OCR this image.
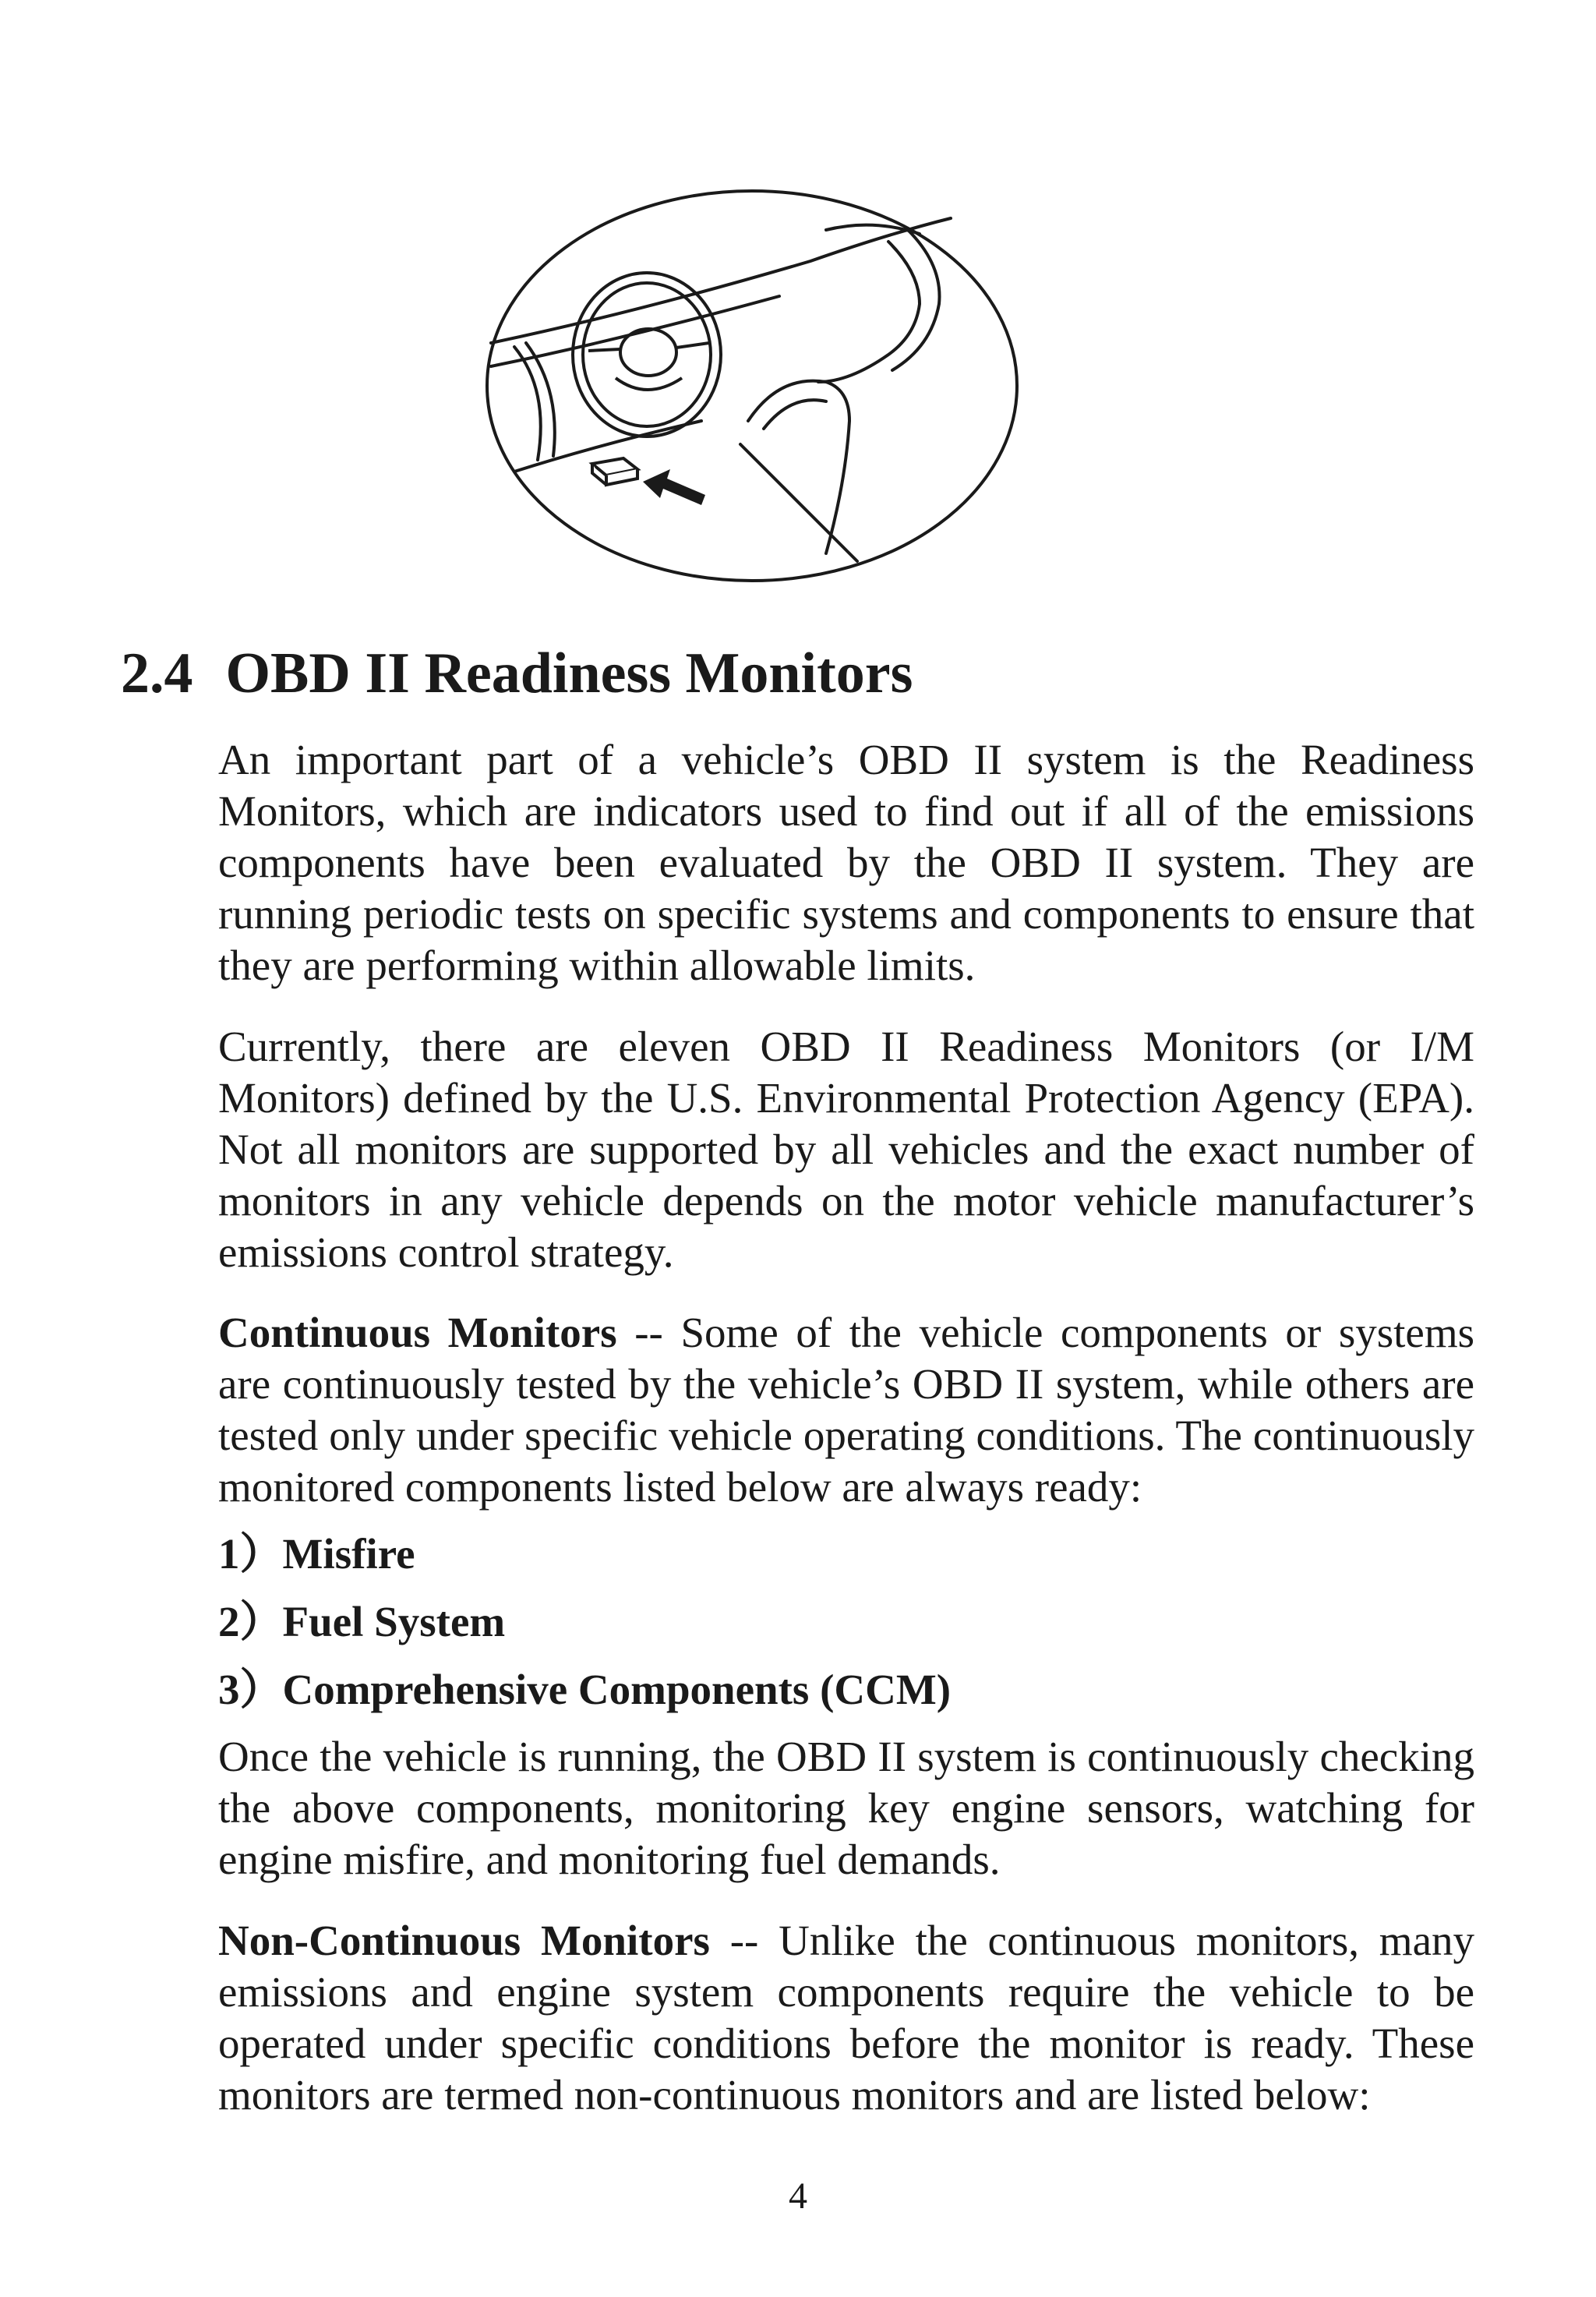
2.4 OBD II Readiness Monitors

An important part of a vehicle’s OBD II system is the Readiness Monitors, which are indicators used to find out if all of the emissions components have been evaluated by the OBD II system. They are running periodic tests on specific systems and components to ensure that they are performing within allowable limits.

Currently, there are eleven OBD II Readiness Monitors (or I/M Monitors) defined by the U.S. Environmental Protection Agency (EPA). Not all monitors are supported by all vehicles and the exact number of monitors in any vehicle depends on the motor vehicle manufacturer’s emissions control strategy.

Continuous Monitors -- Some of the vehicle components or systems are continuously tested by the vehicle’s OBD II system, while others are tested only under specific vehicle operating conditions. The continuously monitored components listed below are always ready:

1）Misfire

2）Fuel System

3）Comprehensive Components (CCM)

Once the vehicle is running, the OBD II system is continuously checking the above components, monitoring key engine sensors, watching for engine misfire, and monitoring fuel demands.

Non-Continuous Monitors -- Unlike the continuous monitors, many emissions and engine system components require the vehicle to be operated under specific conditions before the monitor is ready. These monitors are termed non-continuous monitors and are listed below:

4
